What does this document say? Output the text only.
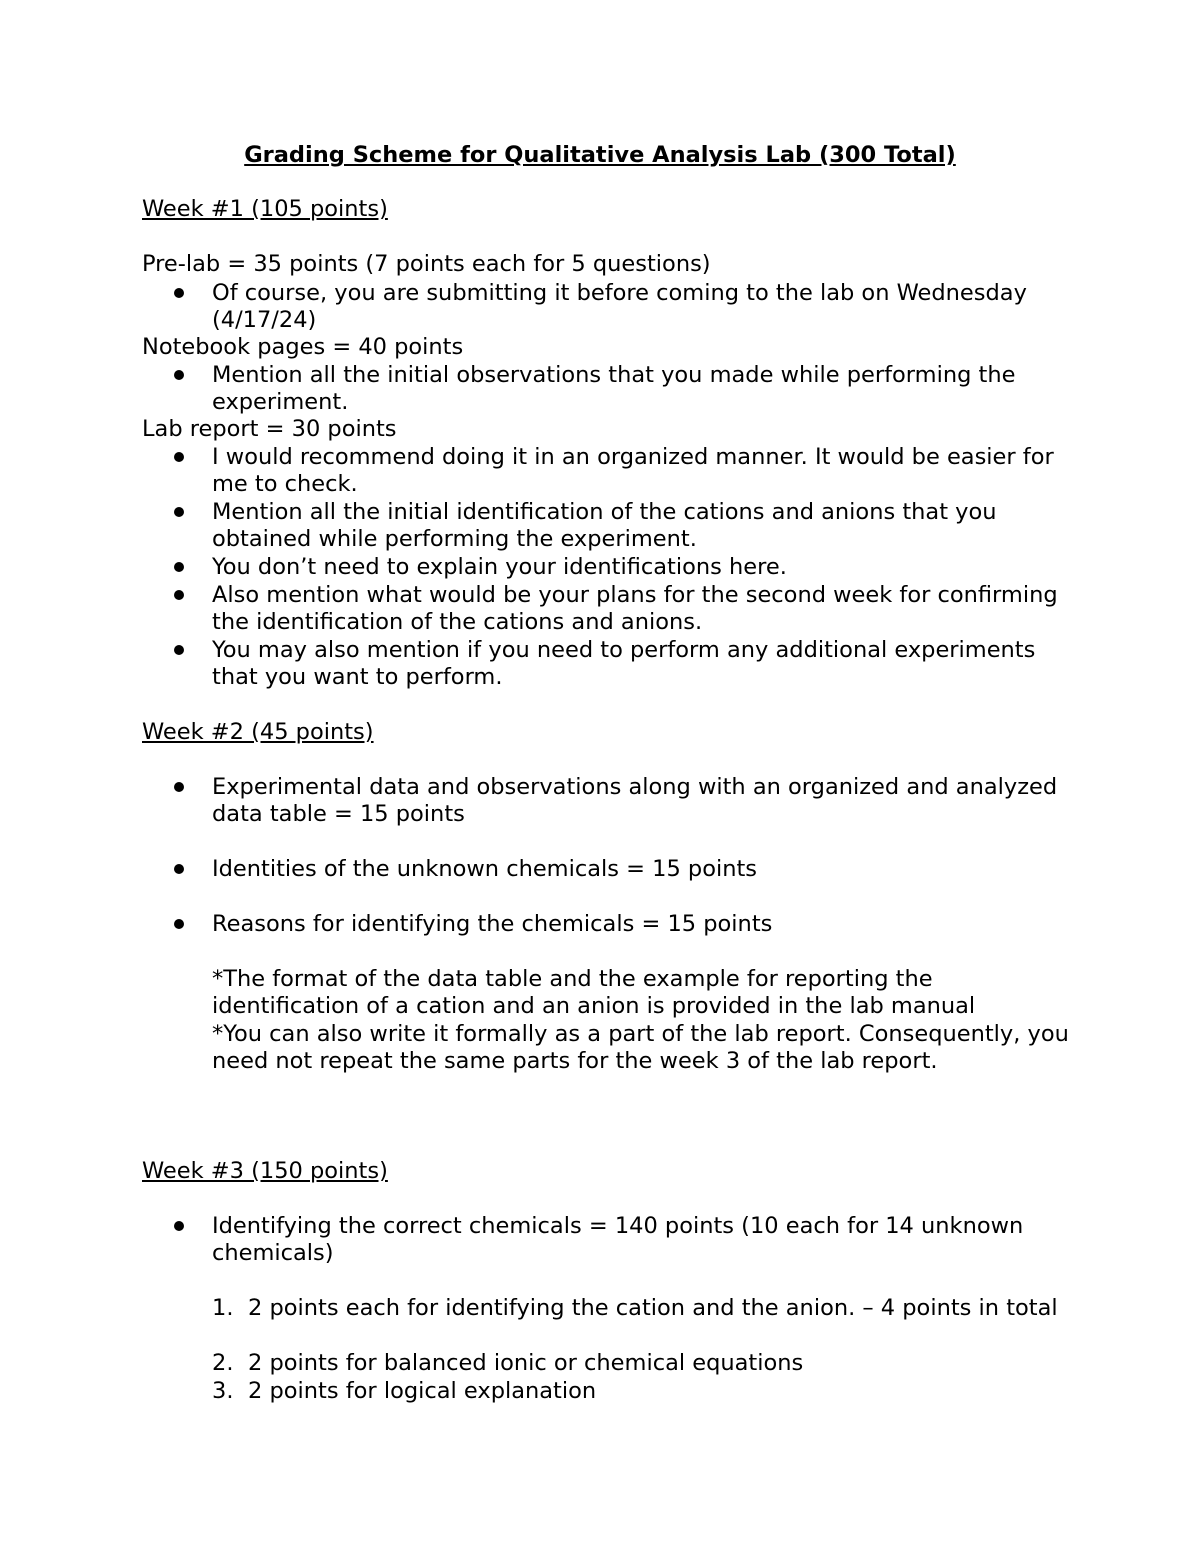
Grading Scheme for Qualitative Analysis Lab (300 Total)
Week #1 (105 points)
Pre-lab = 35 points (7 points each for 5 questions)
Of course, you are submitting it before coming to the lab on Wednesday (4/17/24)
Notebook pages = 40 points
Mention all the initial observations that you made while performing the experiment.
Lab report = 30 points
I would recommend doing it in an organized manner. It would be easier for me to check.
Mention all the initial identification of the cations and anions that you obtained while performing the experiment.
You don’t need to explain your identifications here.
Also mention what would be your plans for the second week for confirming the identification of the cations and anions.
You may also mention if you need to perform any additional experiments that you want to perform.
Week #2 (45 points)
Experimental data and observations along with an organized and analyzed data table = 15 points
Identities of the unknown chemicals = 15 points
Reasons for identifying the chemicals = 15 points
*The format of the data table and the example for reporting the identification of a cation and an anion is provided in the lab manual
*You can also write it formally as a part of the lab report. Consequently, you need not repeat the same parts for the week 3 of the lab report.
Week #3 (150 points)
Identifying the correct chemicals = 140 points (10 each for 14 unknown chemicals)
1. 2 points each for identifying the cation and the anion. – 4 points in total
2. 2 points for balanced ionic or chemical equations
3. 2 points for logical explanation
